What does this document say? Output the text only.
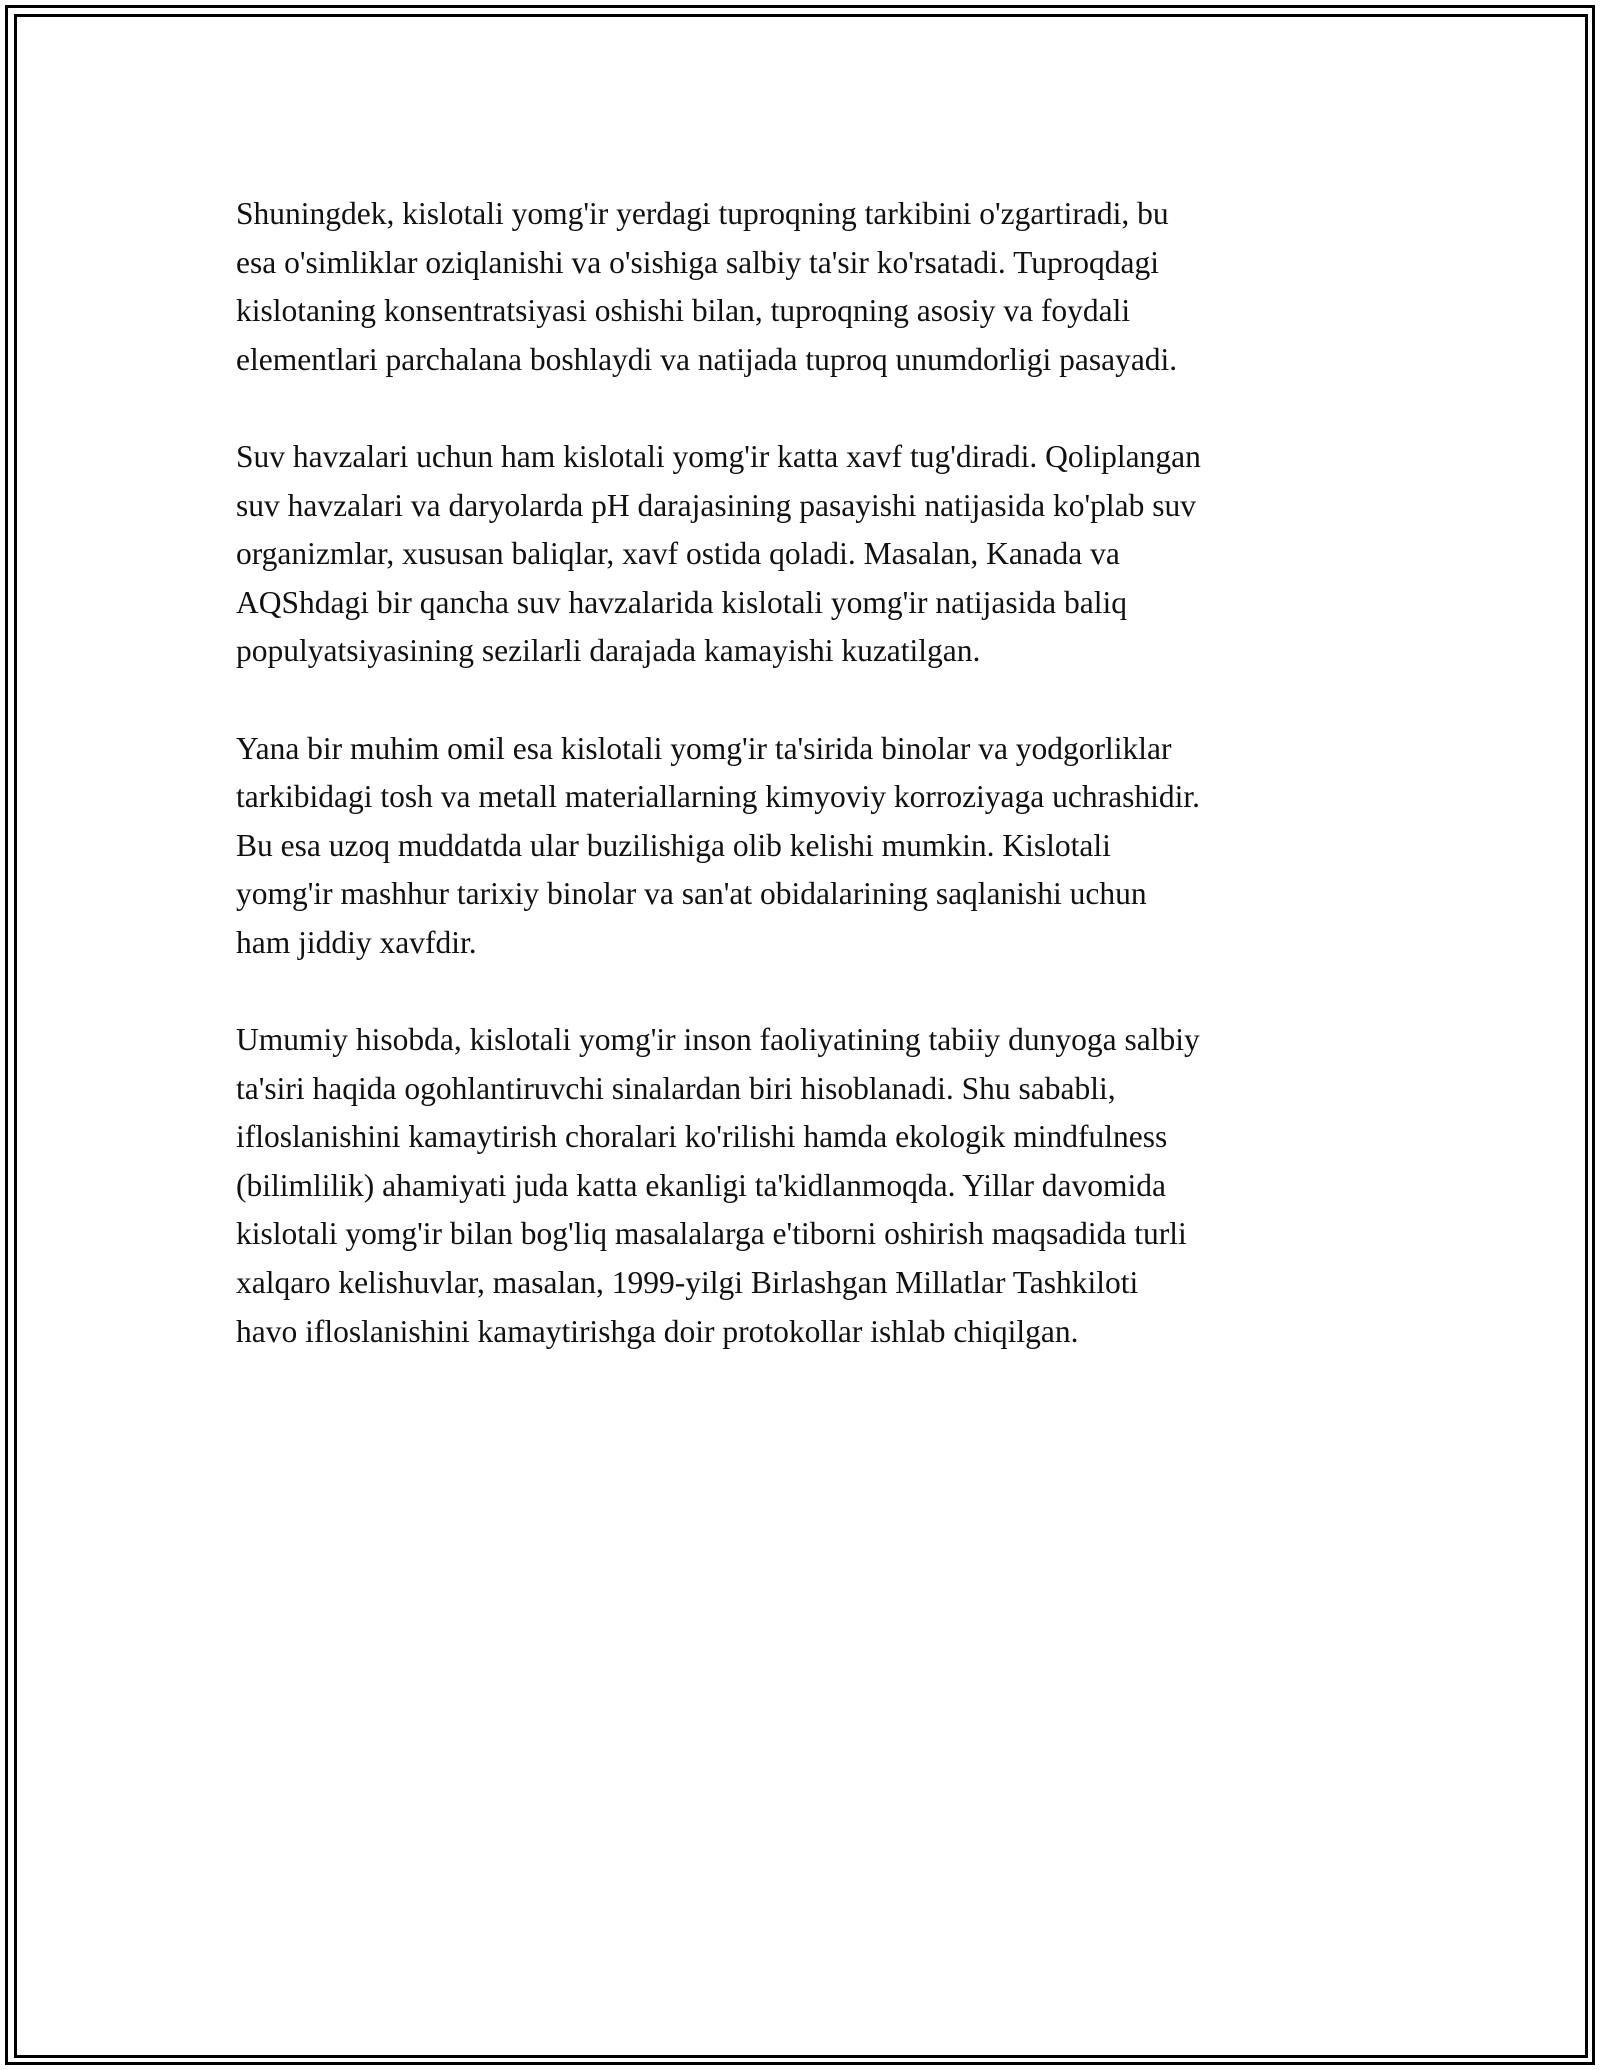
Shuningdek, kislotali yomg'ir yerdagi tuproqning tarkibini o'zgartiradi, bu
esa o'simliklar oziqlanishi va o'sishiga salbiy ta'sir ko'rsatadi. Tuproqdagi
kislotaning konsentratsiyasi oshishi bilan, tuproqning asosiy va foydali
elementlari parchalana boshlaydi va natijada tuproq unumdorligi pasayadi.

Suv havzalari uchun ham kislotali yomg'ir katta xavf tug'diradi. Qoliplangan
suv havzalari va daryolarda pH darajasining pasayishi natijasida ko'plab suv
organizmlar, xususan baliqlar, xavf ostida qoladi. Masalan, Kanada va
AQShdagi bir qancha suv havzalarida kislotali yomg'ir natijasida baliq
populyatsiyasining sezilarli darajada kamayishi kuzatilgan.

Yana bir muhim omil esa kislotali yomg'ir ta'sirida binolar va yodgorliklar
tarkibidagi tosh va metall materiallarning kimyoviy korroziyaga uchrashidir.
Bu esa uzoq muddatda ular buzilishiga olib kelishi mumkin. Kislotali
yomg'ir mashhur tarixiy binolar va san'at obidalarining saqlanishi uchun
ham jiddiy xavfdir.

Umumiy hisobda, kislotali yomg'ir inson faoliyatining tabiiy dunyoga salbiy
ta'siri haqida ogohlantiruvchi sinalardan biri hisoblanadi. Shu sababli,
ifloslanishini kamaytirish choralari ko'rilishi hamda ekologik mindfulness
(bilimlilik) ahamiyati juda katta ekanligi ta'kidlanmoqda. Yillar davomida
kislotali yomg'ir bilan bog'liq masalalarga e'tiborni oshirish maqsadida turli
xalqaro kelishuvlar, masalan, 1999-yilgi Birlashgan Millatlar Tashkiloti
havo ifloslanishini kamaytirishga doir protokollar ishlab chiqilgan.
